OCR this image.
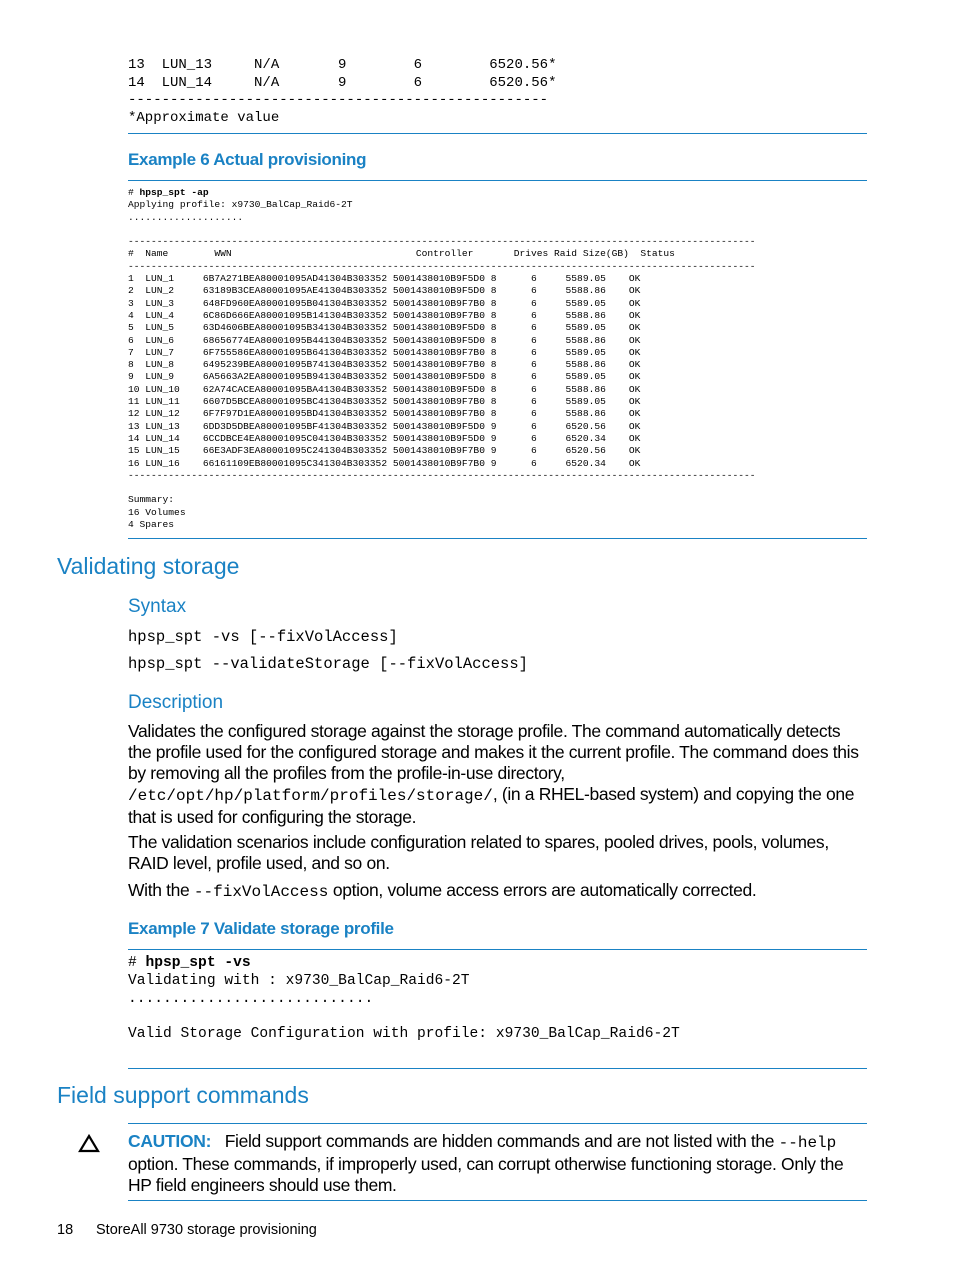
13  LUN_13     N/A       9        6        6520.56*
14  LUN_14     N/A       9        6        6520.56*
--------------------------------------------------
*Approximate value
Example 6 Actual provisioning
# hpsp_spt -ap
Applying profile: x9730_BalCap_Raid6-2T
....................

-------------------------------------------------------------------------------------------------------------
#  Name        WWN                                Controller       Drives Raid Size(GB)  Status
-------------------------------------------------------------------------------------------------------------
1  LUN_1     6B7A271BEA80001095AD41304B303352 5001438010B9F5D0 8      6     5589.05    OK
2  LUN_2     63189B3CEA80001095AE41304B303352 5001438010B9F5D0 8      6     5588.86    OK
3  LUN_3     648FD960EA80001095B041304B303352 5001438010B9F7B0 8      6     5589.05    OK
4  LUN_4     6C86D666EA80001095B141304B303352 5001438010B9F7B0 8      6     5588.86    OK
5  LUN_5     63D4606BEA80001095B341304B303352 5001438010B9F5D0 8      6     5589.05    OK
6  LUN_6     68656774EA80001095B441304B303352 5001438010B9F5D0 8      6     5588.86    OK
7  LUN_7     6F755586EA80001095B641304B303352 5001438010B9F7B0 8      6     5589.05    OK
8  LUN_8     6495239BEA80001095B741304B303352 5001438010B9F7B0 8      6     5588.86    OK
9  LUN_9     6A5663A2EA80001095B941304B303352 5001438010B9F5D0 8      6     5589.05    OK
10 LUN_10    62A74CACEA80001095BA41304B303352 5001438010B9F5D0 8      6     5588.86    OK
11 LUN_11    6607D5BCEA80001095BC41304B303352 5001438010B9F7B0 8      6     5589.05    OK
12 LUN_12    6F7F97D1EA80001095BD41304B303352 5001438010B9F7B0 8      6     5588.86    OK
13 LUN_13    6DD3D5DBEA80001095BF41304B303352 5001438010B9F5D0 9      6     6520.56    OK
14 LUN_14    6CCDBCE4EA80001095C041304B303352 5001438010B9F5D0 9      6     6520.34    OK
15 LUN_15    66E3ADF3EA80001095C241304B303352 5001438010B9F7B0 9      6     6520.56    OK
16 LUN_16    66161109EB80001095C341304B303352 5001438010B9F7B0 9      6     6520.34    OK
-------------------------------------------------------------------------------------------------------------

Summary:
16 Volumes
4 Spares
Validating storage
Syntax
hpsp_spt -vs [--fixVolAccess]
hpsp_spt --validateStorage [--fixVolAccess]
Description
Validates the configured storage against the storage profile. The command automatically detects the profile used for the configured storage and makes it the current profile. The command does this by removing all the profiles from the profile-in-use directory, /etc/opt/hp/platform/profiles/storage/, (in a RHEL-based system) and copying the one that is used for configuring the storage.
The validation scenarios include configuration related to spares, pooled drives, pools, volumes, RAID level, profile used, and so on.
With the --fixVolAccess option, volume access errors are automatically corrected.
Example 7 Validate storage profile
# hpsp_spt -vs
Validating with : x9730_BalCap_Raid6-2T
............................

Valid Storage Configuration with profile: x9730_BalCap_Raid6-2T
Field support commands
CAUTION: Field support commands are hidden commands and are not listed with the --help option. These commands, if improperly used, can corrupt otherwise functioning storage. Only the HP field engineers should use them.
18 StoreAll 9730 storage provisioning
